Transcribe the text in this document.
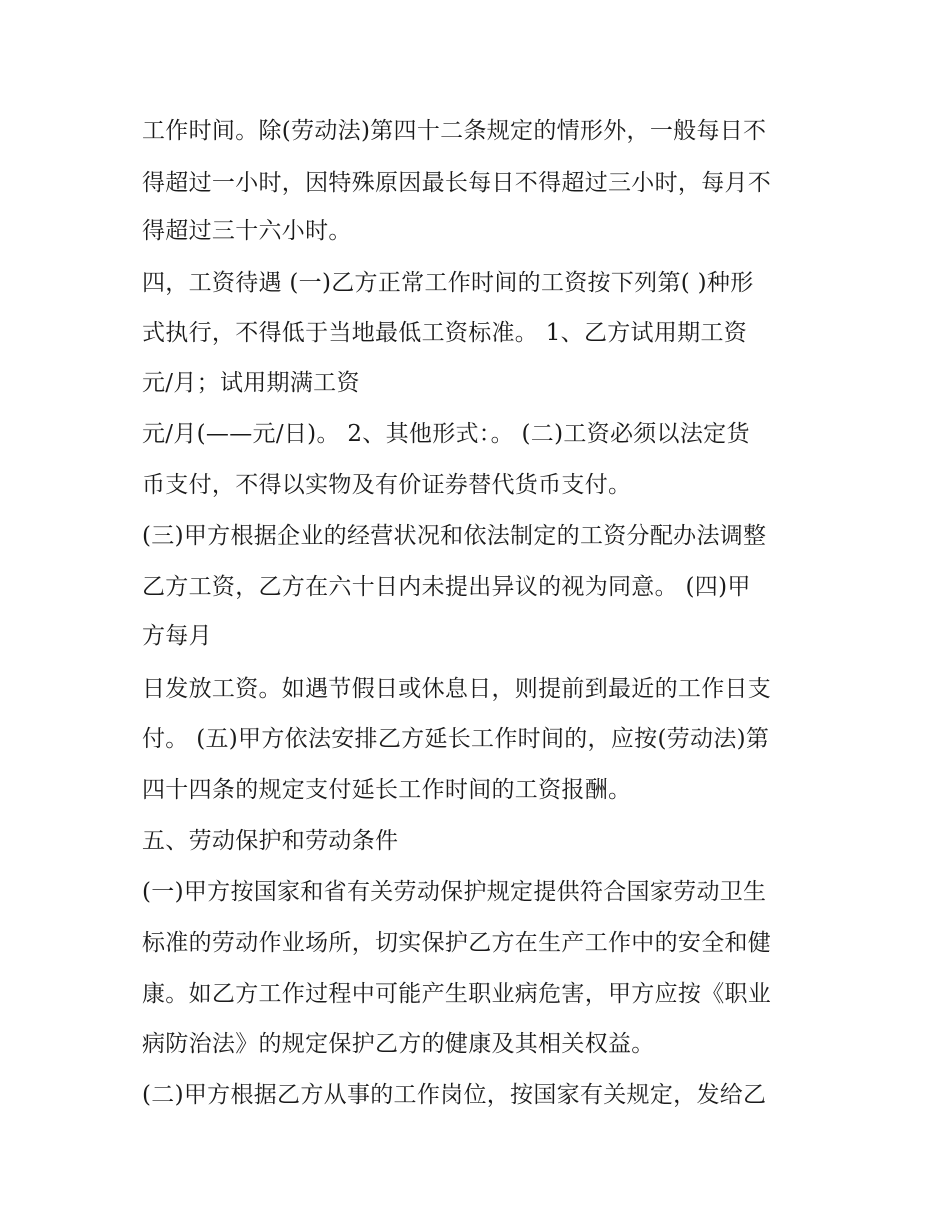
工作时间。除(劳动法)第四十二条规定的情形外，一般每日不
得超过一小时，因特殊原因最长每日不得超过三小时，每月不
得超过三十六小时。
四，工资待遇 (一)乙方正常工作时间的工资按下列第( )种形
式执行，不得低于当地最低工资标准。 1、乙方试用期工资
元/月；试用期满工资
元/月(——元/日)。 2、其他形式：。 (二)工资必须以法定货
币支付，不得以实物及有价证券替代货币支付。
(三)甲方根据企业的经营状况和依法制定的工资分配办法调整
乙方工资，乙方在六十日内未提出异议的视为同意。 (四)甲
方每月
日发放工资。如遇节假日或休息日，则提前到最近的工作日支
付。 (五)甲方依法安排乙方延长工作时间的，应按(劳动法)第
四十四条的规定支付延长工作时间的工资报酬。
五、劳动保护和劳动条件
(一)甲方按国家和省有关劳动保护规定提供符合国家劳动卫生
标准的劳动作业场所，切实保护乙方在生产工作中的安全和健
康。如乙方工作过程中可能产生职业病危害，甲方应按《职业
病防治法》的规定保护乙方的健康及其相关权益。
(二)甲方根据乙方从事的工作岗位，按国家有关规定，发给乙
